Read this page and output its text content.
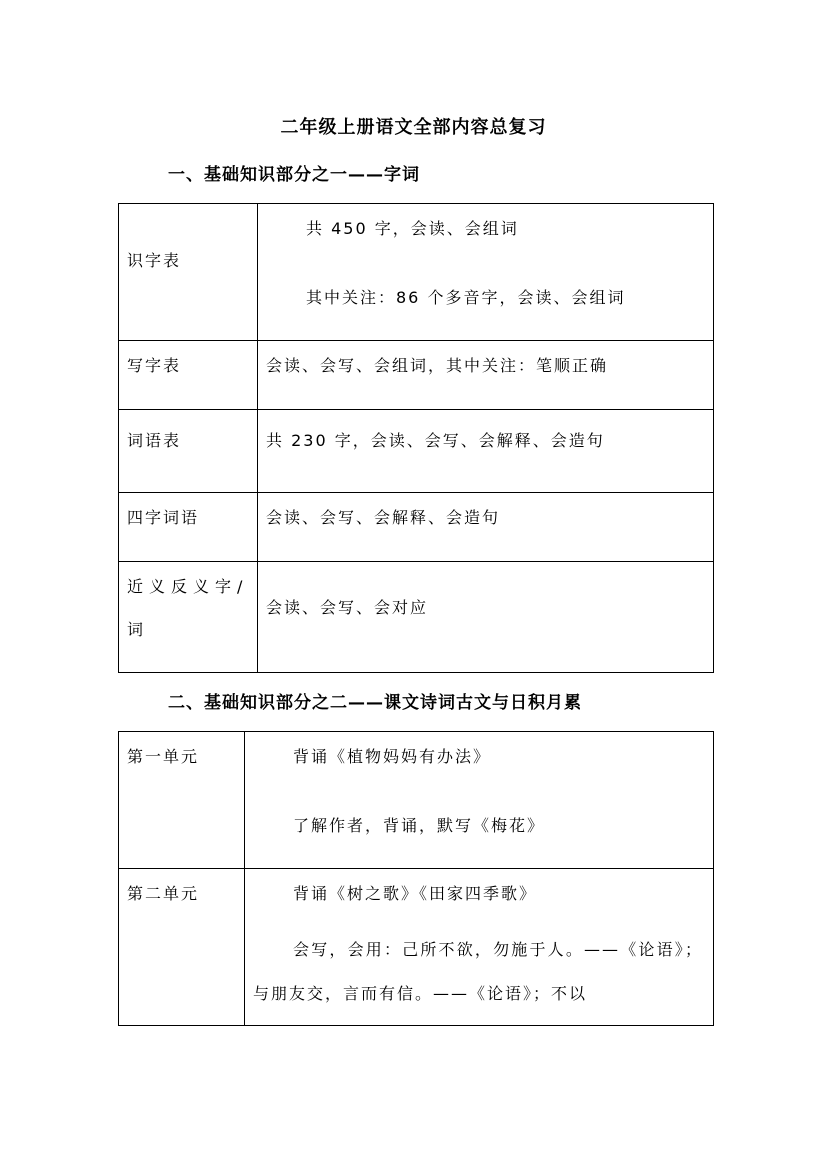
二年级上册语文全部内容总复习
一、基础知识部分之一——字词
识字表	共 450 字，会读、会组词
其中关注：86 个多音字，会读、会组词

写字表	会读、会写、会组词，其中关注：笔顺正确

词语表	共 230 字，会读、会写、会解释、会造句

四字词语	会读、会写、会解释、会造句

近义反义字/
词	会读、会写、会对应
二、基础知识部分之二——课文诗词古文与日积月累
第一单元	背诵《植物妈妈有办法》
了解作者，背诵，默写《梅花》

第二单元	背诵《树之歌》《田家四季歌》
会写，会用：己所不欲，勿施于人。——《论语》；与朋友交，言而有信。——《论语》；不以
